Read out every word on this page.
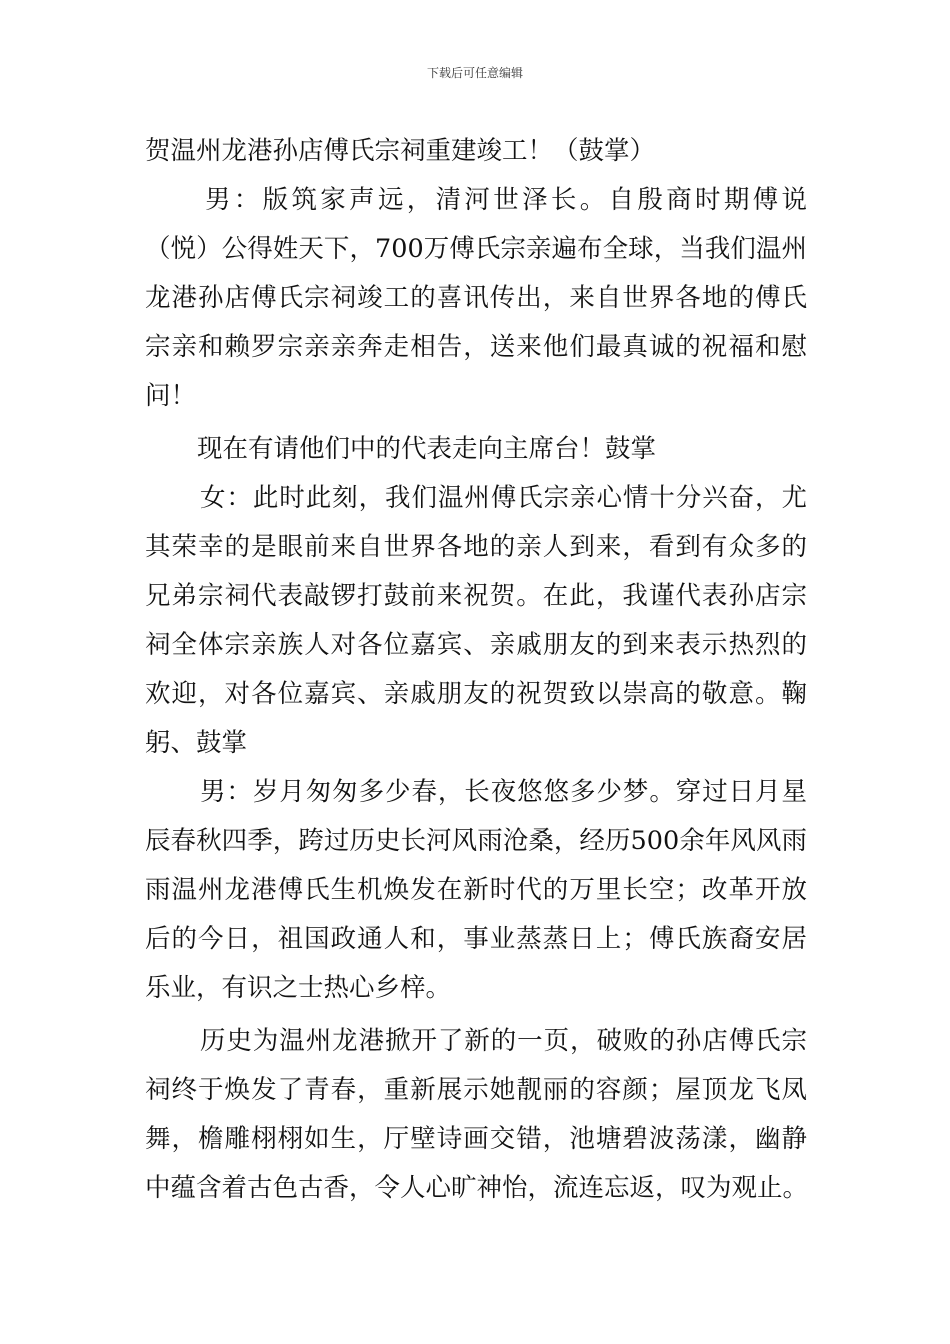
下载后可任意编辑
贺温州龙港孙店傅氏宗祠重建竣工！（鼓掌）
男：版筑家声远，清河世泽长。自殷商时期傅说
（悦）公得姓天下，700万傅氏宗亲遍布全球，当我们温州
龙港孙店傅氏宗祠竣工的喜讯传出，来自世界各地的傅氏
宗亲和赖罗宗亲亲奔走相告，送来他们最真诚的祝福和慰
问！
现在有请他们中的代表走向主席台！鼓掌
女：此时此刻，我们温州傅氏宗亲心情十分兴奋，尤
其荣幸的是眼前来自世界各地的亲人到来，看到有众多的
兄弟宗祠代表敲锣打鼓前来祝贺。在此，我谨代表孙店宗
祠全体宗亲族人对各位嘉宾、亲戚朋友的到来表示热烈的
欢迎，对各位嘉宾、亲戚朋友的祝贺致以崇高的敬意。鞠
躬、鼓掌
男：岁月匆匆多少春，长夜悠悠多少梦。穿过日月星
辰春秋四季，跨过历史长河风雨沧桑，经历500余年风风雨
雨温州龙港傅氏生机焕发在新时代的万里长空；改革开放
后的今日，祖国政通人和，事业蒸蒸日上；傅氏族裔安居
乐业，有识之士热心乡梓。
历史为温州龙港掀开了新的一页，破败的孙店傅氏宗
祠终于焕发了青春，重新展示她靓丽的容颜；屋顶龙飞凤
舞，檐雕栩栩如生，厅壁诗画交错，池塘碧波荡漾，幽静
中蕴含着古色古香，令人心旷神怡，流连忘返，叹为观止。
